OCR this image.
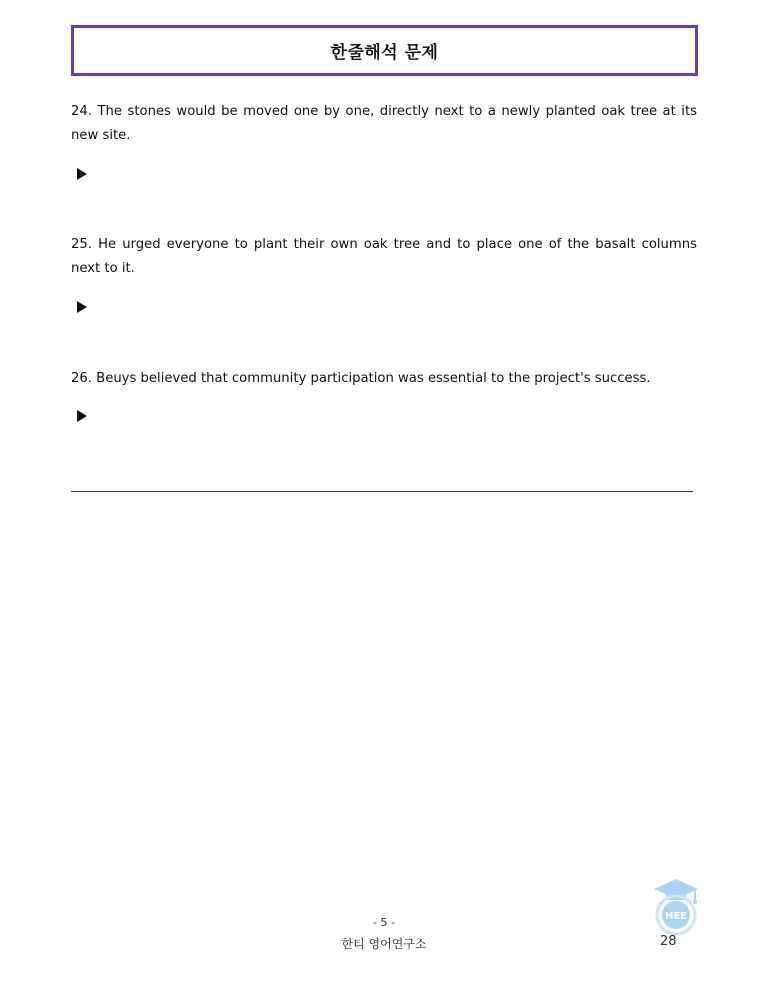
한줄해석 문제
24. The stones would be moved one by one, directly next to a newly planted oak tree at its new site.
25. He urged everyone to plant their own oak tree and to place one of the basalt columns next to it.
26. Beuys believed that community participation was essential to the project's success.
HEE
- 5 -
한티 영어연구소	28
